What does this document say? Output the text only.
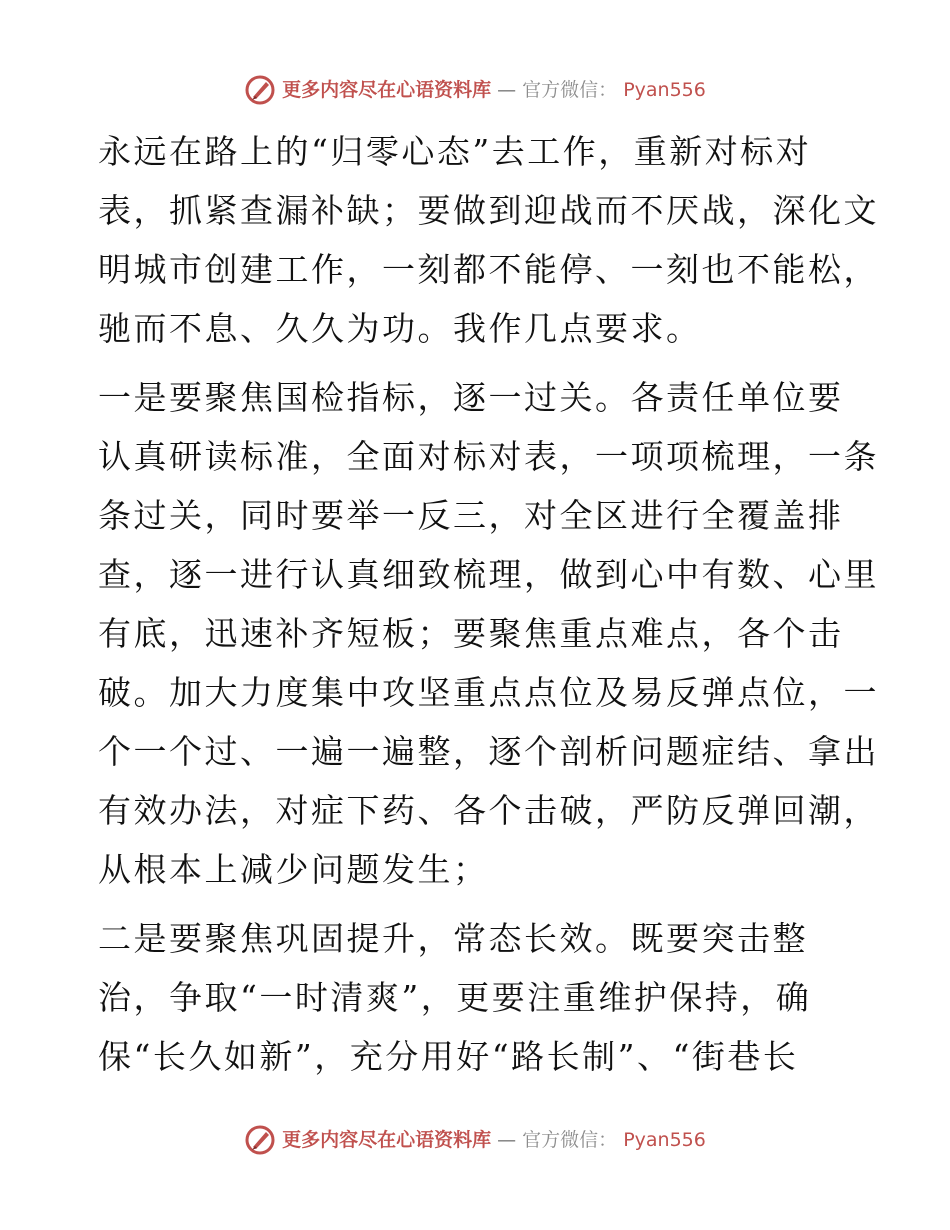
更多内容尽在心语资料库 — 官方微信： Pyan556

永远在路上的“归零心态”去工作，重新对标对
表，抓紧查漏补缺；要做到迎战而不厌战，深化文
明城市创建工作，一刻都不能停、一刻也不能松，
驰而不息、久久为功。我作几点要求。

一是要聚焦国检指标，逐一过关。各责任单位要
认真研读标准，全面对标对表，一项项梳理，一条
条过关，同时要举一反三，对全区进行全覆盖排
查，逐一进行认真细致梳理，做到心中有数、心里
有底，迅速补齐短板；要聚焦重点难点，各个击
破。加大力度集中攻坚重点点位及易反弹点位，一
个一个过、一遍一遍整，逐个剖析问题症结、拿出
有效办法，对症下药、各个击破，严防反弹回潮，
从根本上减少问题发生；

二是要聚焦巩固提升，常态长效。既要突击整
治，争取“一时清爽”，更要注重维护保持，确
保“长久如新”，充分用好“路长制”、“街巷长

更多内容尽在心语资料库 — 官方微信： Pyan556
